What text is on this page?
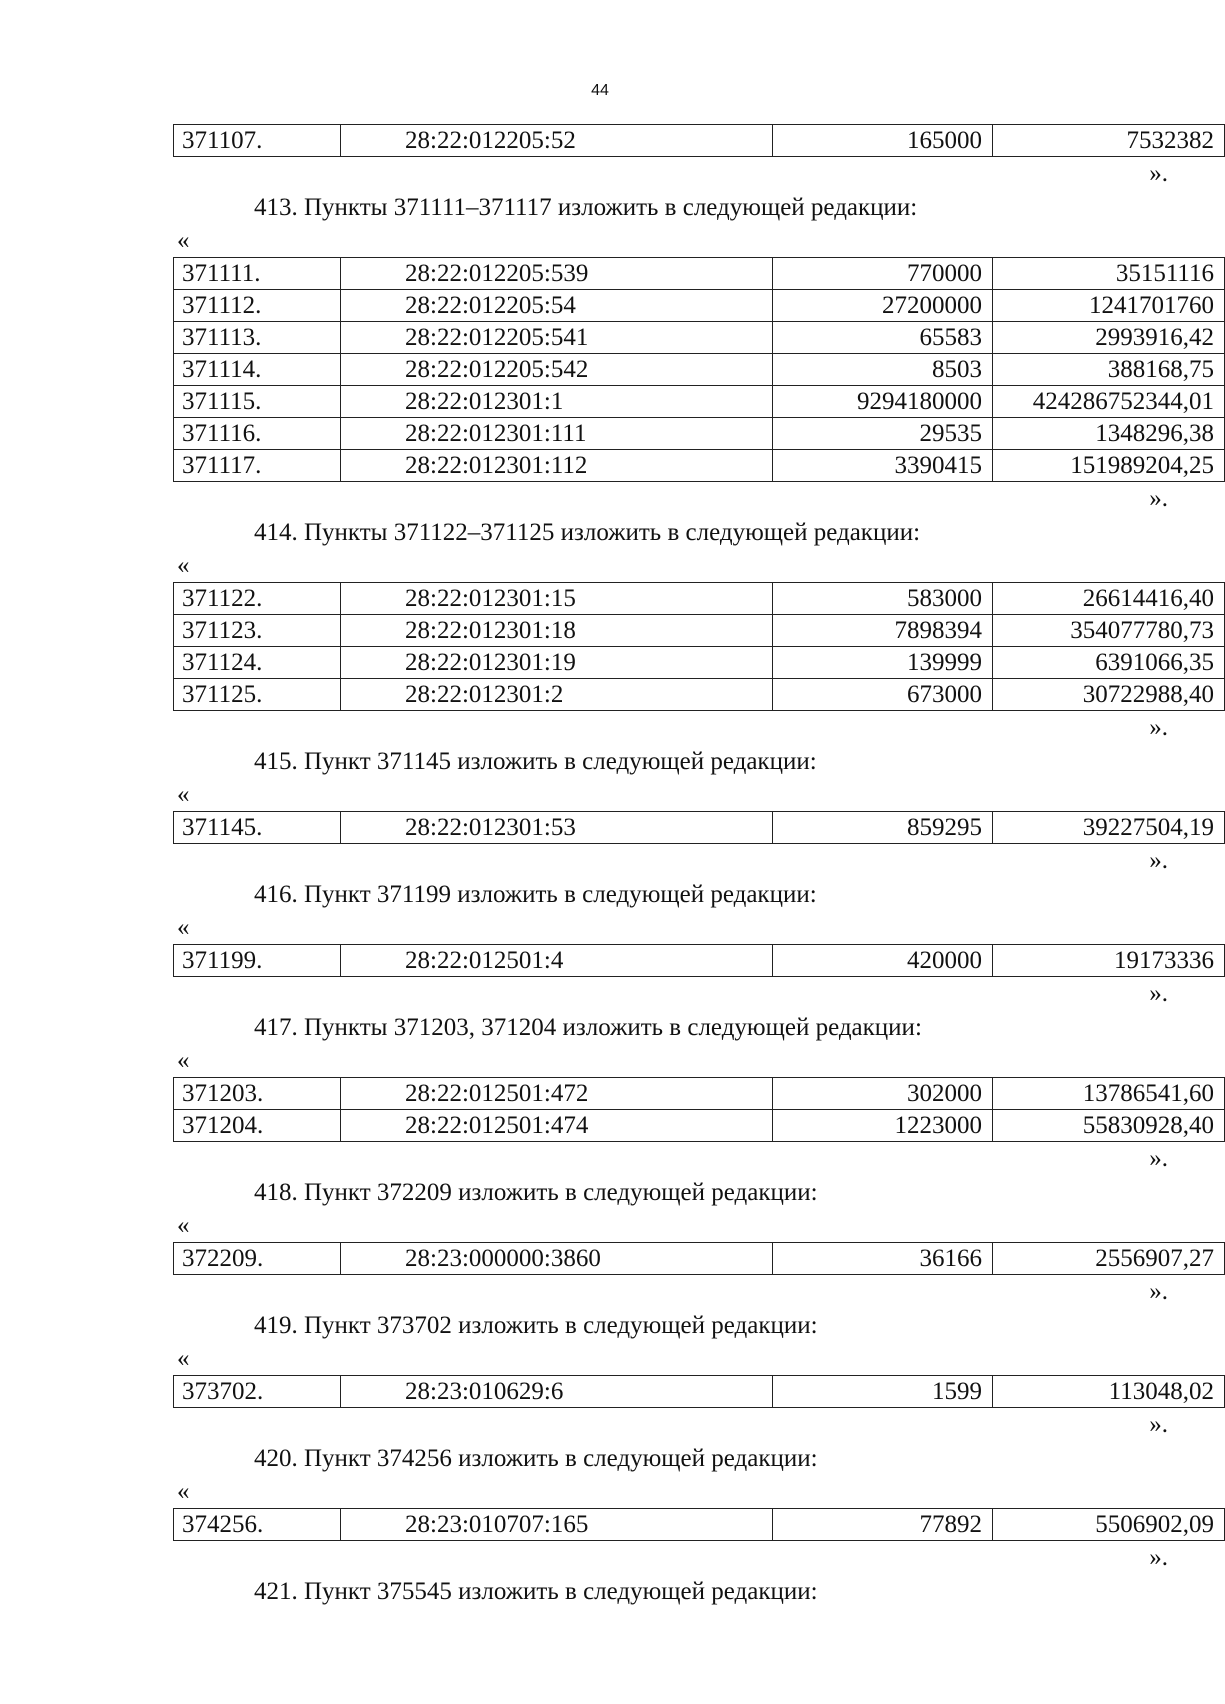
44
371107.	28:22:012205:52	165000	7532382
».
413. Пункты 371111–371117 изложить в следующей редакции:
«
371111.	28:22:012205:539	770000	35151116
371112.	28:22:012205:54	27200000	1241701760
371113.	28:22:012205:541	65583	2993916,42
371114.	28:22:012205:542	8503	388168,75
371115.	28:22:012301:1	9294180000	424286752344,01
371116.	28:22:012301:111	29535	1348296,38
371117.	28:22:012301:112	3390415	151989204,25
».
414. Пункты 371122–371125 изложить в следующей редакции:
«
371122.	28:22:012301:15	583000	26614416,40
371123.	28:22:012301:18	7898394	354077780,73
371124.	28:22:012301:19	139999	6391066,35
371125.	28:22:012301:2	673000	30722988,40
».
415. Пункт 371145 изложить в следующей редакции:
«
371145.	28:22:012301:53	859295	39227504,19
».
416. Пункт 371199 изложить в следующей редакции:
«
371199.	28:22:012501:4	420000	19173336
».
417. Пункты 371203, 371204 изложить в следующей редакции:
«
371203.	28:22:012501:472	302000	13786541,60
371204.	28:22:012501:474	1223000	55830928,40
».
418. Пункт 372209 изложить в следующей редакции:
«
372209.	28:23:000000:3860	36166	2556907,27
».
419. Пункт 373702 изложить в следующей редакции:
«
373702.	28:23:010629:6	1599	113048,02
».
420. Пункт 374256 изложить в следующей редакции:
«
374256.	28:23:010707:165	77892	5506902,09
».
421. Пункт 375545 изложить в следующей редакции:
